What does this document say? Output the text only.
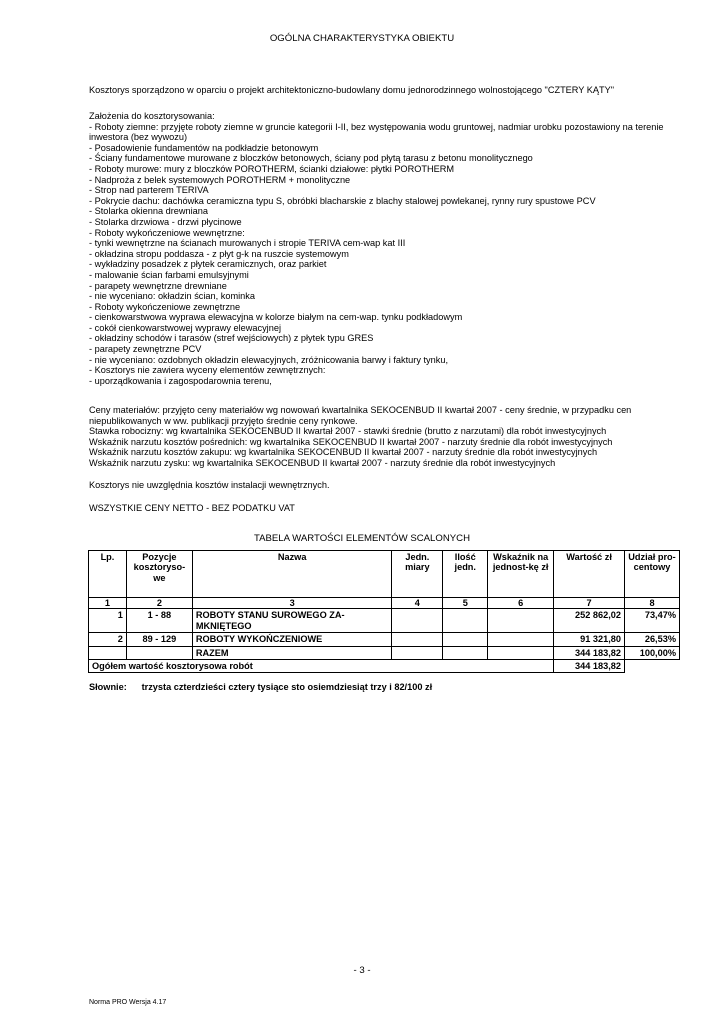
OGÓLNA CHARAKTERYSTYKA OBIEKTU
Kosztorys sporządzono w oparciu o projekt architektoniczno-budowlany domu jednorodzinnego wolnostojącego "CZTERY KĄTY"
Założenia do kosztorysowania:
- Roboty ziemne: przyjęte roboty ziemne w gruncie kategorii I-II, bez występowania wodu gruntowej, nadmiar urobku pozostawiony na terenie inwestora (bez wywozu)
- Posadowienie fundamentów na podkładzie betonowym
- Ściany fundamentowe murowane z bloczków betonowych, ściany pod płytą tarasu z betonu monolitycznego
- Roboty murowe: mury z bloczków POROTHERM, ścianki działowe: płytki POROTHERM
- Nadproża z belek systemowych POROTHERM + monolityczne
- Strop nad parterem TERIVA
- Pokrycie dachu: dachówka ceramiczna typu S, obróbki blacharskie z blachy stalowej powlekanej, rynny rury spustowe PCV
- Stolarka okienna drewniana
- Stolarka drzwiowa - drzwi płycinowe
- Roboty wykończeniowe wewnętrzne:
- tynki wewnętrzne na ścianach murowanych i stropie TERIVA cem-wap kat III
- okładzina stropu poddasza - z płyt g-k na ruszcie systemowym
- wykładziny posadzek z płytek ceramicznych, oraz parkiet
- malowanie ścian farbami emulsyjnymi
- parapety wewnętrzne drewniane
- nie wyceniano: okładzin ścian, kominka
- Roboty wykończeniowe zewnętrzne
- cienkowarstwowa wyprawa elewacyjna w kolorze białym na cem-wap. tynku podkładowym
- cokół cienkowarstwowej wyprawy elewacyjnej
- okładziny schodów i tarasów (stref wejściowych) z płytek typu GRES
- parapety zewnętrzne PCV
- nie wyceniano: ozdobnych okładzin elewacyjnych, zróżnicowania barwy i faktury tynku,
- Kosztorys nie zawiera wyceny elementów zewnętrznych:
- uporządkowania i zagospodarownia terenu,
Ceny materiałów: przyjęto ceny materiałów wg nowowań kwartalnika SEKOCENBUD II kwartał 2007 - ceny średnie, w przypadku cen niepublikowanych w ww. publikacji przyjęto średnie ceny rynkowe.
Stawka robocizny: wg kwartalnika SEKOCENBUD II kwartał 2007 - stawki średnie (brutto z narzutami) dla robót inwestycyjnych
Wskaźnik narzutu kosztów pośrednich: wg kwartalnika SEKOCENBUD II kwartał 2007 - narzuty średnie dla robót inwestycyjnych
Wskaźnik narzutu kosztów zakupu: wg kwartalnika SEKOCENBUD II kwartał 2007 - narzuty średnie dla robót inwestycyjnych
Wskaźnik narzutu zysku: wg kwartalnika SEKOCENBUD II kwartał 2007 - narzuty średnie dla robót inwestycyjnych
Kosztorys nie uwzględnia kosztów instalacji wewnętrznych.
WSZYSTKIE CENY NETTO - BEZ PODATKU VAT
TABELA WARTOŚCI ELEMENTÓW SCALONYCH
Lp.	Pozycje kosztoryso-we	Nazwa	Jedn. miary	Ilość jedn.	Wskaźnik na jednost-kę zł	Wartość zł	Udział pro-centowy
1	2	3	4	5	6	7	8
1	1 - 88	ROBOTY STANU SUROWEGO ZA-MKNIĘTEGO				252 862,02	73,47%
2	89 - 129	ROBOTY WYKOŃCZENIOWE				91 321,80	26,53%
		RAZEM				344 183,82	100,00%
Ogółem wartość kosztorysowa robót						344 183,82	
Słownie: trzysta czterdzieści cztery tysiące sto osiemdziesiąt trzy i 82/100 zł
- 3 -
Norma PRO Wersja 4.17
